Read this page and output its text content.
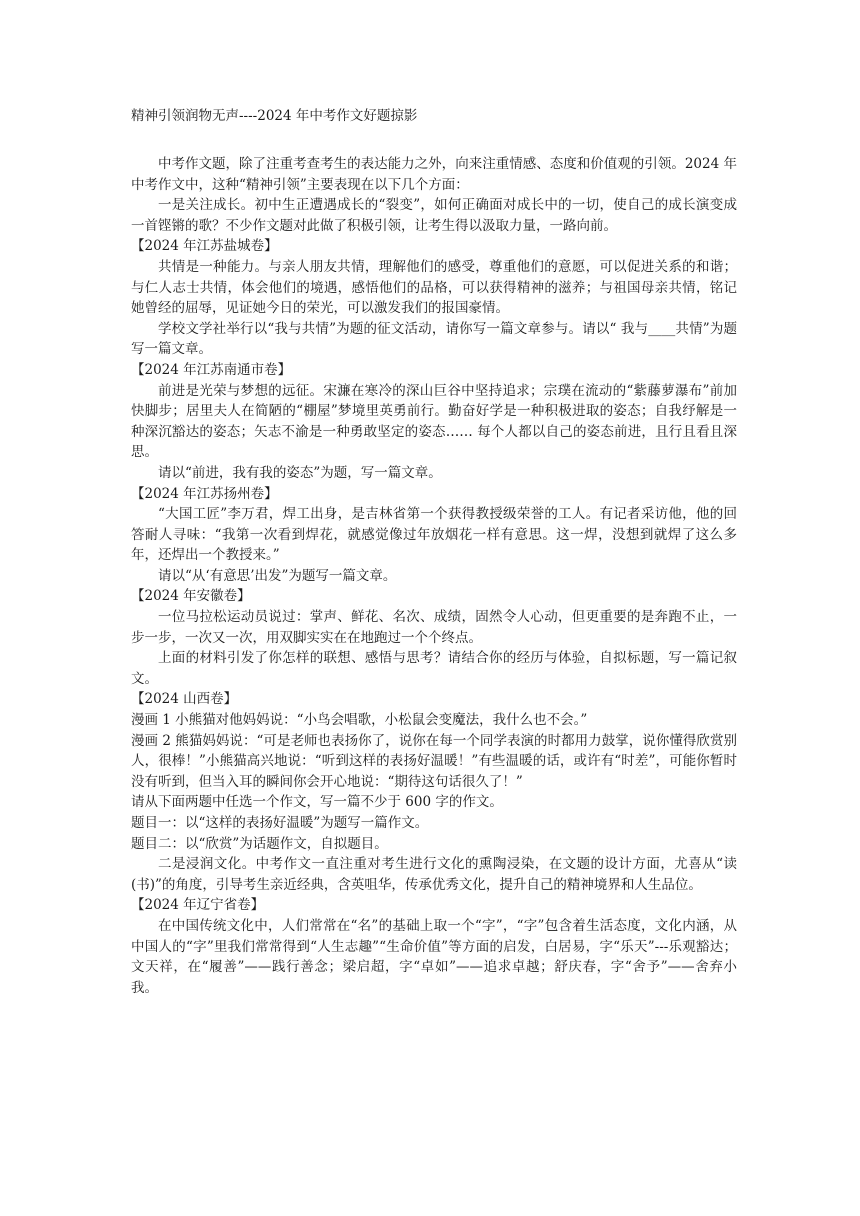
精神引领润物无声----2024 年中考作文好题掠影

中考作文题，除了注重考查考生的表达能力之外，向来注重情感、态度和价值观的引领。2024 年中考作文中，这种“精神引领”主要表现在以下几个方面：

一是关注成长。初中生正遭遇成长的“裂变”，如何正确面对成长中的一切，使自己的成长演变成一首铿锵的歌？不少作文题对此做了积极引领，让考生得以汲取力量，一路向前。

【2024 年江苏盐城卷】

共情是一种能力。与亲人朋友共情，理解他们的感受，尊重他们的意愿，可以促进关系的和谐；与仁人志士共情，体会他们的境遇，感悟他们的品格，可以获得精神的滋养；与祖国母亲共情，铭记她曾经的屈辱，见证她今日的荣光，可以激发我们的报国豪情。

学校文学社举行以“我与共情”为题的征文活动，请你写一篇文章参与。请以“ 我与____共情”为题写一篇文章。

【2024 年江苏南通市卷】

前进是光荣与梦想的远征。宋濂在寒冷的深山巨谷中坚持追求；宗璞在流动的“紫藤萝瀑布”前加快脚步；居里夫人在简陋的“棚屋”梦境里英勇前行。勤奋好学是一种积极进取的姿态；自我纾解是一种深沉豁达的姿态；矢志不渝是一种勇敢坚定的姿态…… 每个人都以自己的姿态前进，且行且看且深思。

请以“前进，我有我的姿态”为题，写一篇文章。

【2024 年江苏扬州卷】

“大国工匠”李万君，焊工出身，是吉林省第一个获得教授级荣誉的工人。有记者采访他，他的回答耐人寻味：“我第一次看到焊花，就感觉像过年放烟花一样有意思。这一焊，没想到就焊了这么多年，还焊出一个教授来。”

请以“从‘有意思’出发”为题写一篇文章。

【2024 年安徽卷】

一位马拉松运动员说过：掌声、鲜花、名次、成绩，固然令人心动，但更重要的是奔跑不止，一步一步，一次又一次，用双脚实实在在地跑过一个个终点。

上面的材料引发了你怎样的联想、感悟与思考？请结合你的经历与体验，自拟标题，写一篇记叙文。

【2024 山西卷】

漫画 1 小熊猫对他妈妈说：“小鸟会唱歌，小松鼠会变魔法，我什么也不会。”

漫画 2 熊猫妈妈说：“可是老师也表扬你了，说你在每一个同学表演的时都用力鼓掌，说你懂得欣赏别人，很棒！”小熊猫高兴地说：“听到这样的表扬好温暖！”有些温暖的话，或许有“时差”，可能你暂时没有听到，但当入耳的瞬间你会开心地说：“期待这句话很久了！”

请从下面两题中任选一个作文，写一篇不少于 600 字的作文。

题目一：以“这样的表扬好温暖”为题写一篇作文。

题目二：以“欣赏”为话题作文，自拟题目。

二是浸润文化。中考作文一直注重对考生进行文化的熏陶浸染，在文题的设计方面，尤喜从“读 (书)”的角度，引导考生亲近经典，含英咀华，传承优秀文化，提升自己的精神境界和人生品位。

【2024 年辽宁省卷】

在中国传统文化中，人们常常在“名”的基础上取一个“字”，“字”包含着生活态度，文化内涵，从中国人的“字”里我们常常得到“人生志趣”“生命价值”等方面的启发，白居易，字“乐天”---乐观豁达；文天祥，在“履善”——践行善念；梁启超，字“卓如”——追求卓越；舒庆春，字“舍予”——舍弃小我。
